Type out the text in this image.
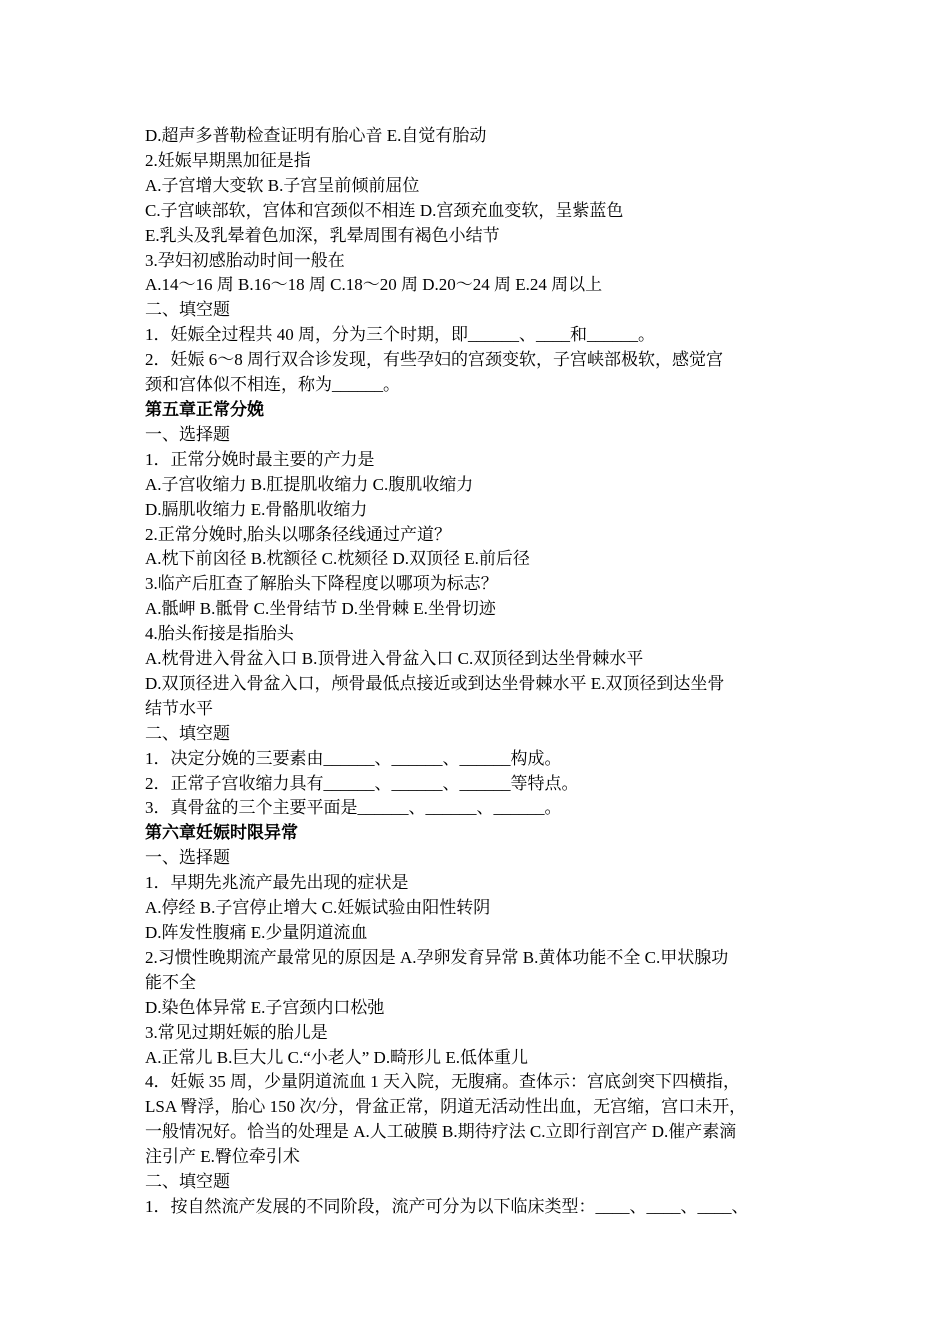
D.超声多普勒检查证明有胎心音 E.自觉有胎动
2.妊娠早期黑加征是指
A.子宫增大变软 B.子宫呈前倾前屈位
C.子宫峡部软，宫体和宫颈似不相连 D.宫颈充血变软，呈紫蓝色
E.乳头及乳晕着色加深，乳晕周围有褐色小结节
3.孕妇初感胎动时间一般在
A.14～16 周 B.16～18 周 C.18～20 周 D.20～24 周 E.24 周以上
二、填空题
1．妊娠全过程共 40 周，分为三个时期，即______、____和______。
2．妊娠 6～8 周行双合诊发现，有些孕妇的宫颈变软，子宫峡部极软，感觉宫
颈和宫体似不相连，称为______。
第五章正常分娩
一、选择题
1．正常分娩时最主要的产力是
A.子宫收缩力 B.肛提肌收缩力 C.腹肌收缩力
D.膈肌收缩力 E.骨骼肌收缩力
2.正常分娩时,胎头以哪条径线通过产道？
A.枕下前囟径 B.枕额径 C.枕颏径 D.双顶径 E.前后径
3.临产后肛查了解胎头下降程度以哪项为标志？
A.骶岬 B.骶骨 C.坐骨结节 D.坐骨棘 E.坐骨切迹
4.胎头衔接是指胎头
A.枕骨进入骨盆入口 B.顶骨进入骨盆入口 C.双顶径到达坐骨棘水平
D.双顶径进入骨盆入口，颅骨最低点接近或到达坐骨棘水平 E.双顶径到达坐骨
结节水平
二、填空题
1．决定分娩的三要素由______、______、______构成。
2．正常子宫收缩力具有______、______、______等特点。
3．真骨盆的三个主要平面是______、______、______。
第六章妊娠时限异常
一、选择题
1．早期先兆流产最先出现的症状是
A.停经 B.子宫停止增大 C.妊娠试验由阳性转阴
D.阵发性腹痛 E.少量阴道流血
2.习惯性晚期流产最常见的原因是 A.孕卵发育异常 B.黄体功能不全 C.甲状腺功
能不全
D.染色体异常 E.子宫颈内口松弛
3.常见过期妊娠的胎儿是
A.正常儿 B.巨大儿 C.“小老人” D.畸形儿 E.低体重儿
4．妊娠 35 周，少量阴道流血 1 天入院，无腹痛。查体示：宫底剑突下四横指，
LSA 臀浮，胎心 150 次/分，骨盆正常，阴道无活动性出血，无宫缩，宫口未开，
一般情况好。恰当的处理是 A.人工破膜 B.期待疗法 C.立即行剖宫产 D.催产素滴
注引产 E.臀位牵引术
二、填空题
1．按自然流产发展的不同阶段，流产可分为以下临床类型：____、____、____、
